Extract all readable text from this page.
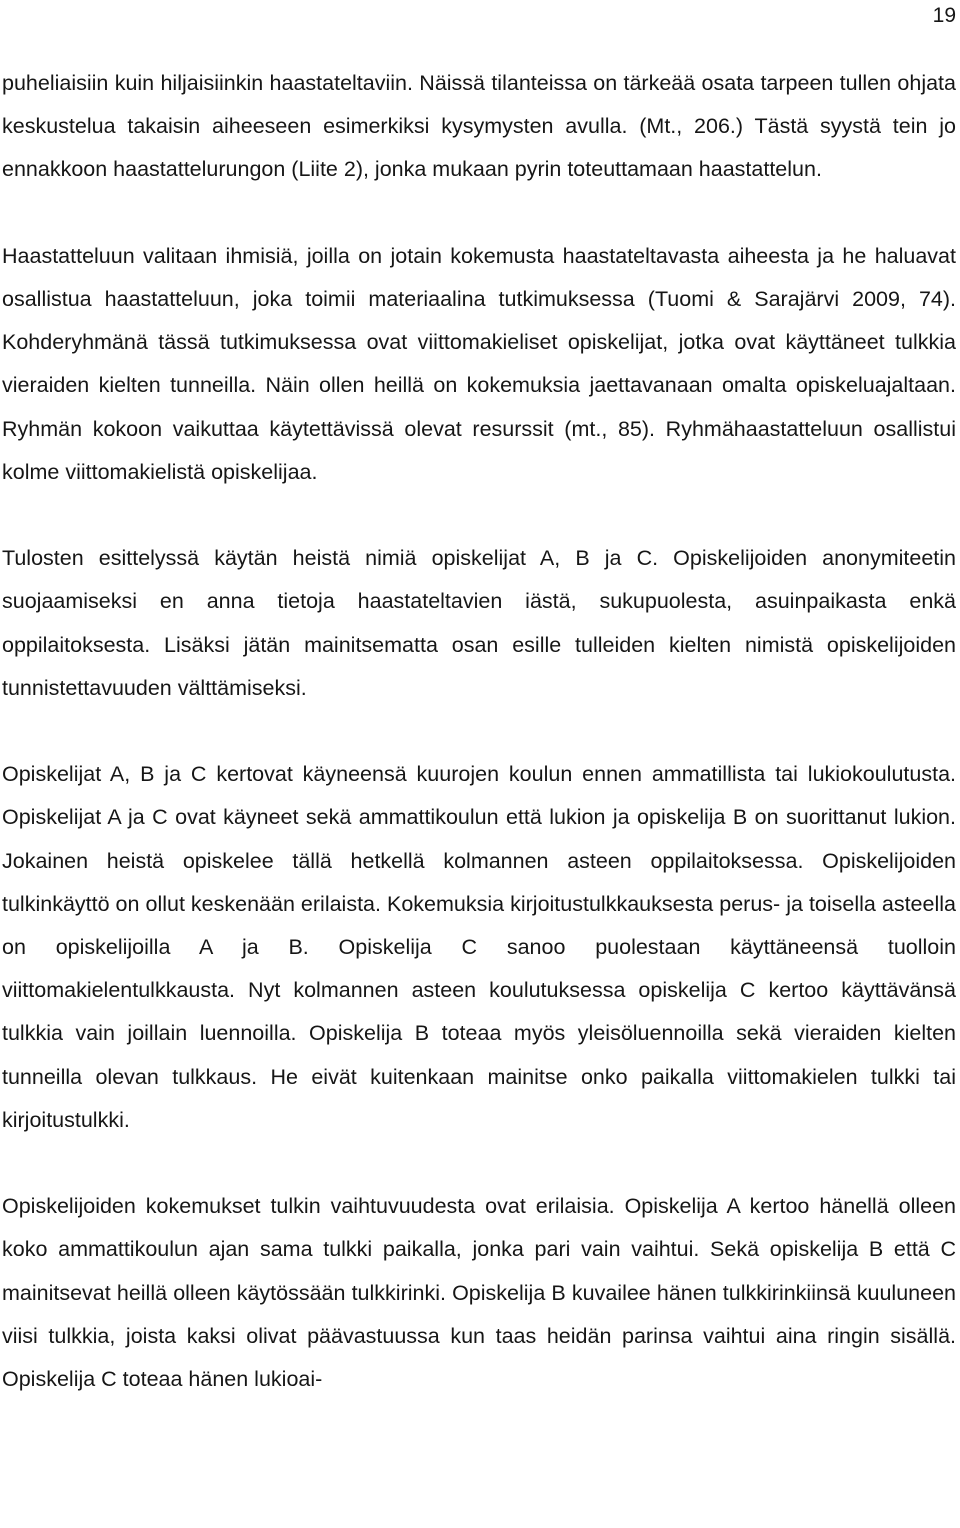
19

puheliaisiin kuin hiljaisiinkin haastateltaviin. Näissä tilanteissa on tärkeää osata tarpeen tullen ohjata keskustelua takaisin aiheeseen esimerkiksi kysymysten avulla. (Mt., 206.) Tästä syystä tein jo ennakkoon haastattelurungon (Liite 2), jonka mukaan pyrin toteuttamaan haastattelun.

Haastatteluun valitaan ihmisiä, joilla on jotain kokemusta haastateltavasta aiheesta ja he haluavat osallistua haastatteluun, joka toimii materiaalina tutkimuksessa (Tuomi & Sarajärvi 2009, 74). Kohderyhmänä tässä tutkimuksessa ovat viittomakieliset opiskelijat, jotka ovat käyttäneet tulkkia vieraiden kielten tunneilla. Näin ollen heillä on kokemuksia jaettavanaan omalta opiskeluajaltaan. Ryhmän kokoon vaikuttaa käytettävissä olevat resurssit (mt., 85). Ryhmähaastatteluun osallistui kolme viittomakielistä opiskelijaa.

Tulosten esittelyssä käytän heistä nimiä opiskelijat A, B ja C. Opiskelijoiden anonymiteetin suojaamiseksi en anna tietoja haastateltavien iästä, sukupuolesta, asuinpaikasta enkä oppilaitoksesta. Lisäksi jätän mainitsematta osan esille tulleiden kielten nimistä opiskelijoiden tunnistettavuuden välttämiseksi.

Opiskelijat A, B ja C kertovat käyneensä kuurojen koulun ennen ammatillista tai lukiokoulutusta. Opiskelijat A ja C ovat käyneet sekä ammattikoulun että lukion ja opiskelija B on suorittanut lukion. Jokainen heistä opiskelee tällä hetkellä kolmannen asteen oppilaitoksessa. Opiskelijoiden tulkinkäyttö on ollut keskenään erilaista. Kokemuksia kirjoitustulkkauksesta perus- ja toisella asteella on opiskelijoilla A ja B. Opiskelija C sanoo puolestaan käyttäneensä tuolloin viittomakielentulkkausta. Nyt kolmannen asteen koulutuksessa opiskelija C kertoo käyttävänsä tulkkia vain joillain luennoilla. Opiskelija B toteaa myös yleisöluennoilla sekä vieraiden kielten tunneilla olevan tulkkaus. He eivät kuitenkaan mainitse onko paikalla viittomakielen tulkki tai kirjoitustulkki.

Opiskelijoiden kokemukset tulkin vaihtuvuudesta ovat erilaisia. Opiskelija A kertoo hänellä olleen koko ammattikoulun ajan sama tulkki paikalla, jonka pari vain vaihtui. Sekä opiskelija B että C mainitsevat heillä olleen käytössään tulkkirinki. Opiskelija B kuvailee hänen tulkkirinkiinsä kuuluneen viisi tulkkia, joista kaksi olivat päävastuussa kun taas heidän parinsa vaihtui aina ringin sisällä. Opiskelija C toteaa hänen lukioai-
